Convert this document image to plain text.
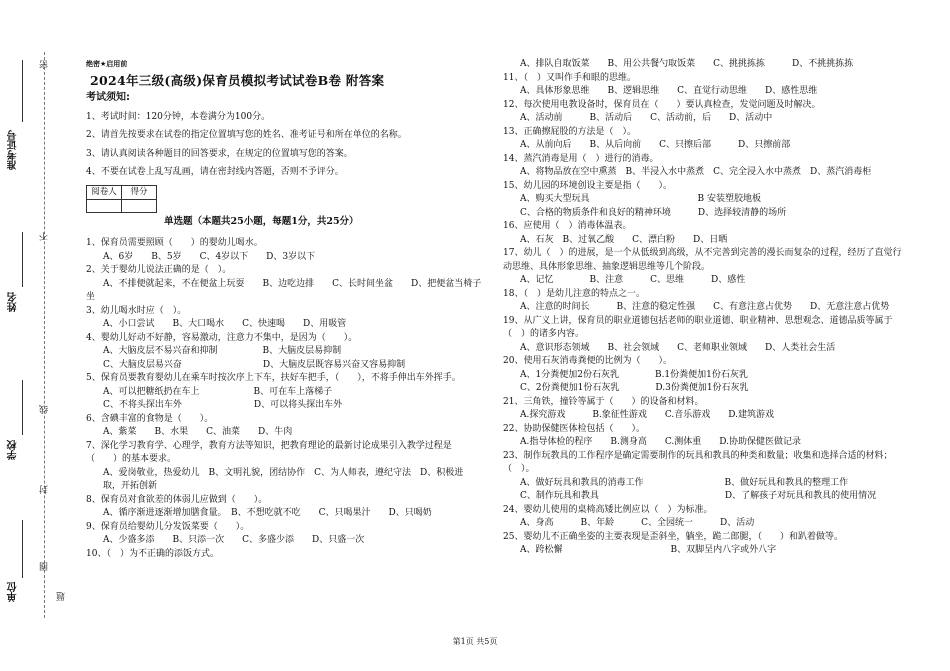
密
不
线
封
圈
题
准考证号
姓名
学校
单位
绝密★启用前
2024年三级(高级)保育员模拟考试试卷B卷 附答案
考试须知:
1、考试时间：120分钟，本卷满分为100分。
2、请首先按要求在试卷的指定位置填写您的姓名、准考证号和所在单位的名称。
3、请认真阅读各种题目的回答要求，在规定的位置填写您的答案。
4、不要在试卷上乱写乱画，请在密封线内答题，否则不予评分。
阅卷人	得分

1、保育员需要照顾（　　）的婴幼儿喝水。
A、6岁　　B、5岁　　C、4岁以下　　D、3岁以下
2、关于婴幼儿说法正确的是（　）。
A、不排便就起来，不在便盆上玩耍　　B、边吃边排　　C、长时间坐盆　　D、把便盆当椅子
坐
3、幼儿喝水时应（　）。
A、小口尝试　　B、大口喝水　　C、快速喝　　D、用吸管
4、婴幼儿好动不好静，容易激动，注意力不集中，是因为（　　）。
A、大脑皮层不易兴奋和抑制　　　　　B、大脑皮层易抑制
C、大脑皮层易兴奋　　　　　　　　　D、大脑皮层既容易兴奋又容易抑制
5、保育员要教育婴幼儿在乘车时按次序上下车，扶好车把手，（　　），不将手伸出车外挥手。
A、可以把糖纸扔在车上　　　　　　B、可在车上落梯子
C、不将头探出车外　　　　　　　　D、可以将头探出车外
6、含碘丰富的食物是（　　）。
A、紫菜　　B、水果　　C、油菜　　D、牛肉
7、深化学习教育学、心理学，教育方法等知识，把教育理论的最新讨论成果引入教学过程是（　　）的基本要求。
A、爱岗敬业，热爱幼儿　B、文明礼貌，团结协作　C、为人师表，遵纪守法　D、积极进取，开拓创新
8、保育员对食欲差的体弱儿应做到（　　）。
A、循序渐进逐渐增加膳食量。　B、不想吃就不吃　　C、只喝果汁　　D、只喝奶
9、保育员给婴幼儿分发饭菜要（　　）。
A、少盛多添　　B、只添一次　　C、多盛少添　　D、只盛一次
10、（　）为不正确的添饭方式。
单选题（本题共25小题，每题1分，共25分）
A、排队自取饭菜　　B、用公共餐勺取饭菜　　C、挑挑拣拣　　　D、不挑挑拣拣
11、（　）又叫作手和眼的思维。
A、具体形象思维　　B、逻辑思维　　C、直觉行动思维　　D、感性思维
12、每次使用电教设备时，保育员在（　　）要认真检查，发觉问题及时解决。
A、活动前　　　B、活动后　　C、活动前，后　　D、活动中
13、正确擦屁股的方法是（　）。
A、从前向后　　B、从后向前　　C、只擦后部　　　D、只擦前部
14、蒸汽消毒是用（　）进行的消毒。
A、将物品放在空中熏蒸　B、半浸入水中蒸煮　C、完全浸入水中蒸煮　D、蒸汽消毒柜
15、幼儿园的环境创设主要是指（　　）。
A、购买大型玩具　　　　　　　　　　　　B 安装塑胶地板
C、合格的物质条件和良好的精神环境　　　D、选择较清静的场所
16、应使用（　）消毒体温表。
A、石灰　B、过氧乙酸　　C、漂白粉　　D、日晒
17、幼儿（　）的进展，是一个从低级到高级，从不完善到完善的漫长而复杂的过程，经历了直觉行动思维、具体形象思维、抽象逻辑思维等几个阶段。
A、记忆　　　　B、注意　　　C、思维　　　D、感性
18、（　）是幼儿注意的特点之一。
A、注意的时间长　　　B、注意的稳定性强　　C、有意注意占优势　　D、无意注意占优势
19、从广义上讲，保育员的职业道德包括老师的职业道德、职业精神、思想观念、道德品质等属于（　）的诸多内容。
A、意识形态领域　　B、社会领域　　C、老师职业领域　　D、人类社会生活
20、使用石灰消毒粪便的比例为（　　）。
A、1分粪便加2份石灰乳　　　　B.1份粪便加1份石灰乳
C、2份粪便加1份石灰乳　　　　D.3份粪便加1份石灰乳
21、三角铁，撞铃等属于（　　）的设备和材料。
A.探究游戏　　　B.象征性游戏　　C.音乐游戏　　D.建筑游戏
22、协助保健医体检包括（　　）。
A.指导体检的程序　　B.测身高　　C.测体重　　D.协助保健医做记录
23、制作玩教具的工作程序是确定需要制作的玩具和教具的种类和数量；收集和选择合适的材料；（　）。
A、做好玩具和教具的消毒工作　　　　　　　　　B、做好玩具和教具的整理工作
C、制作玩具和教具　　　　　　　　　　　　　　D、了解孩子对玩具和教具的使用情况
24、婴幼儿使用的桌椅高矮比例应以（　）为标准。
A、身高　　　B、年龄　　　C、全园统一　　　D、活动
25、婴幼儿不正确坐姿的主要表现是歪斜坐，躺坐，跪二郎腿，（　　）和趴着做等。
A、跨松懈　　　　　　　　　　　　B、双脚呈内八字或外八字
第1页 共5页
